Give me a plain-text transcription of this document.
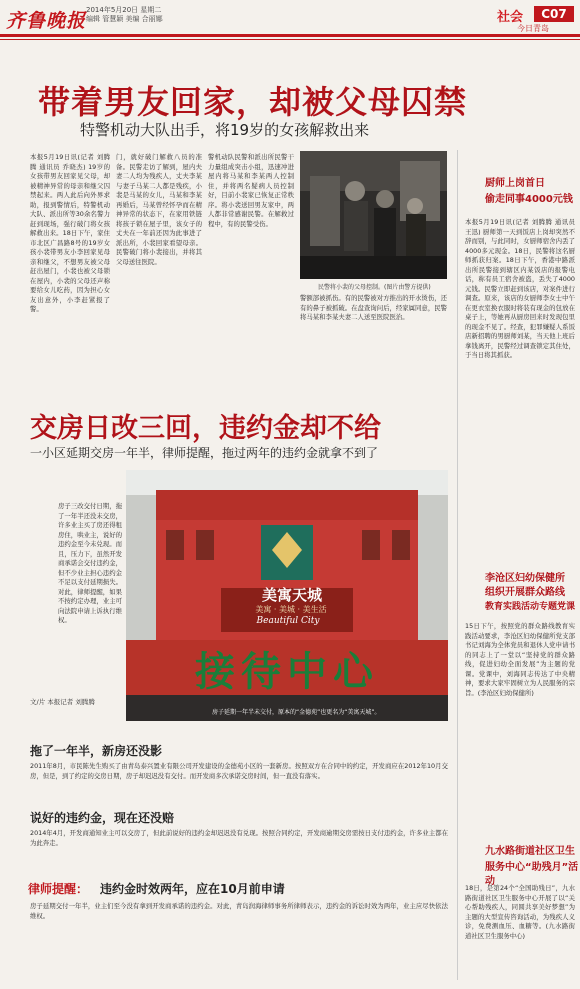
齐鲁晚报 2014年5月20日 星期二
编辑 管慧颖 美编 合丽娜	社会	C07
今日青岛
带着男友回家，却被父母囚禁
特警机动大队出手，将19岁的女孩解救出来
本报5月19日讯(记者 刘腾腾 通讯员 乔晓杰) 19岁的女孩带男友回家见父母，却被精神异常的母亲和继父囚禁起来。两人此后向外界求助，报到警情后，特警机动大队、派出所等30余名警力赶到现场，强行破门将女孩解救出来。18日下午，家住市北区广昌路8号的19岁女孩小裴带男友小李回家见母亲和继父，不想男友被父母赶出屋门，小裴也被父母锁在屋内，小裴的父母还声称要给女儿吃药，因为担心女友出意外，小李赶紧报了警。
门，就好破门解救八员的准备。民警走访了解到，屋内夫妻二人均为残疾人，丈夫李某与妻子马某二人都是残疾，小裴是马某的女儿，马某和李某再婚后，马某曾经怀孕而在精神异常的状态下，在家用铁链将孩子锁在屋子里，该女子的丈夫在一年前还因为此事进了派出所，小裴回家看望母亲。民警破门将小裴接出，并将其父母送往医院。
警机动队民警和派出所民警干力量组成突击小组，迅速冲进屋内将马某和李某两人控制住，并将两名疑病人员控制好，目前小裴家已恢复正常秩序。将小裴送回男友家中，两人都非常感谢民警。在解救过程中，有的民警受伤。
警额部被抓伤。有的民警被对方推出的开水烫伤，还有的鼻子被抓破。在盘查询问后，经家属同意，民警将马某和李某夫妻二人送至医院医治。
民警将小裴的父母控制。(图片由警方提供)
厨师上岗首日
偷走同事4000元钱
本报5月19日讯(记者 刘腾腾 通讯员 王迅) 厨师第一天到饭店上岗却突然不辞而别，与此同时，女厨师宿舍内丢了4000多元现金。18日，民警将这名厨师抓获归案。18日下午，香港中路派出所民警接到辖区内某饭店的报警电话，称有员工宿舍被盗，丢失了4000元钱。民警立即赶到该店，对案件进行调查。原来，该店的女厨师李女士中午在更衣室换衣服时将装有现金的包放在桌子上，等她再从厨房回来时发现包里的现金不见了。经查，犯罪嫌疑人系饭店新招聘的男厨师刘某，当天他上班后拿钱离开，民警经过调查锁定其住处，于当日将其抓获。
李沧区妇幼保健所
组织开展群众路线
教育实践活动专题党课
15日下午，按照党的群众路线教育实践活动要求，李沧区妇幼保健所党支部书记刘海为全体党员和退休人党申请书的同志上了一堂以“坚持党的群众路线，促进妇幼全面发展”为主题的党课。党课中，刘海同志传达了中央精神，要求大家牢固树立为人民服务的宗旨。(李沧区妇幼保健所)
九水路街道社区卫生
服务中心“助残月”活动
18日，是第24个“全国助残日”，九水路街道社区卫生服务中心开展了以“关心帮助残疾人，同圆共享美好梦想”为主题的大型宣传咨询活动，为残疾人义诊，免费测血压、血糖等。(九水路街道社区卫生服务中心)
交房日改三回，违约金却不给
一小区延期交房一年半，律师提醒，拖过两年的违约金就拿不到了
房子三改交付日期，拖了一年半还没未交房，许多业主买了房还得租房住，哄业主，说好的违约金至今未兑现。而且，压力下，虽然开发商承诺会交付违约金，但不少业主担心违约金不足以支付延期损失。对此，律师提醒，如果不按约定办理，业主可向法院申请上诉执行维权。
文/片 本报记者 刘腾腾
美寓天城
美寓 · 美城 · 美生活
Beautiful City
接待中心
房子延期一年半未交付，原本的“金德苑”也更名为“美寓天城”。
拖了一年半，新房还没影
2011年8月，市民陈先生购买了由青岛泰兴置业有限公司开发建设的金德苑小区的一套新房。按照双方在合同中的约定，开发商应在2012年10月交房，但是，到了约定的交房日期，房子却迟迟没有交付。而开发商多次承诺交房时间，但一直没有落实。
说好的违约金，现在还没赔
2014年4月，开发商通知业主可以交房了，但此前说好的违约金却迟迟没有兑现。按照合同约定，开发商逾期交房需按日支付违约金，许多业主都在为此奔走。
律师提醒： 违约金时效两年，应在10月前申请
房子延期交付一年半，业主们至今没有拿到开发商承诺的违约金。对此，青岛润海律师事务所律师表示，违约金的诉讼时效为两年，业主应尽快依法维权。
